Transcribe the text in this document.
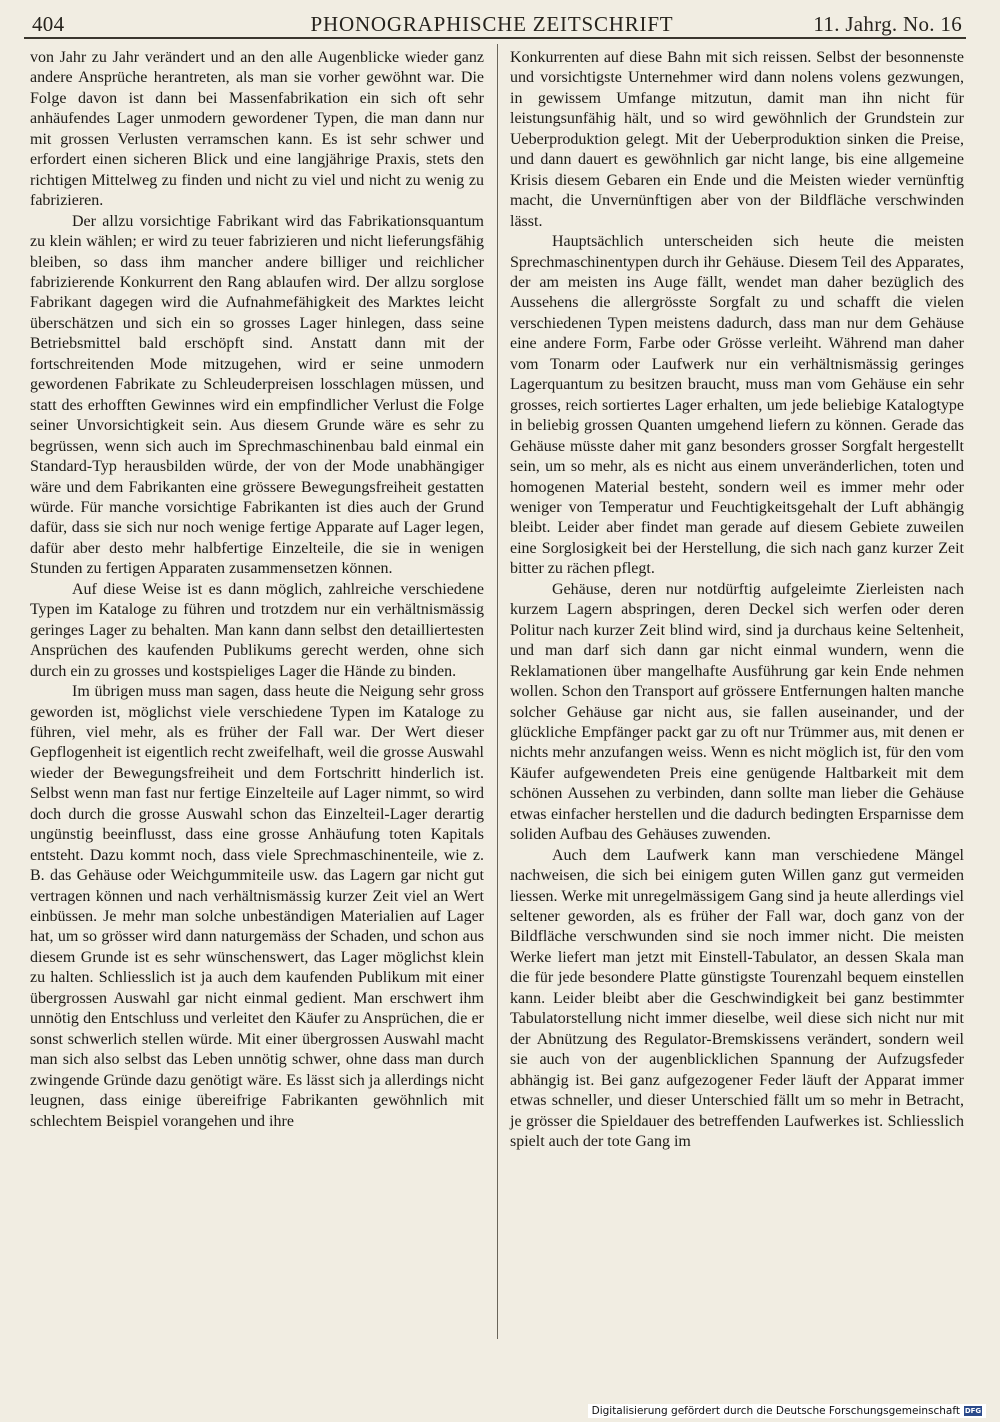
404	PHONOGRAPHISCHE ZEITSCHRIFT	11. Jahrg. No. 16

von Jahr zu Jahr verändert und an den alle Augenblicke wieder ganz andere Ansprüche herantreten, als man sie vorher gewöhnt war. Die Folge davon ist dann bei Massenfabrikation ein sich oft sehr anhäufendes Lager unmodern gewordener Typen, die man dann nur mit grossen Verlusten verramschen kann. Es ist sehr schwer und erfordert einen sicheren Blick und eine langjährige Praxis, stets den richtigen Mittelweg zu finden und nicht zu viel und nicht zu wenig zu fabrizieren.

Der allzu vorsichtige Fabrikant wird das Fabrikationsquantum zu klein wählen; er wird zu teuer fabrizieren und nicht lieferungsfähig bleiben, so dass ihm mancher andere billiger und reichlicher fabrizierende Konkurrent den Rang ablaufen wird. Der allzu sorglose Fabrikant dagegen wird die Aufnahmefähigkeit des Marktes leicht überschätzen und sich ein so grosses Lager hinlegen, dass seine Betriebsmittel bald erschöpft sind. Anstatt dann mit der fortschreitenden Mode mitzugehen, wird er seine unmodern gewordenen Fabrikate zu Schleuderpreisen losschlagen müssen, und statt des erhofften Gewinnes wird ein empfindlicher Verlust die Folge seiner Unvorsichtigkeit sein. Aus diesem Grunde wäre es sehr zu begrüssen, wenn sich auch im Sprechmaschinenbau bald einmal ein Standard-Typ herausbilden würde, der von der Mode unabhängiger wäre und dem Fabrikanten eine grössere Bewegungsfreiheit gestatten würde. Für manche vorsichtige Fabrikanten ist dies auch der Grund dafür, dass sie sich nur noch wenige fertige Apparate auf Lager legen, dafür aber desto mehr halbfertige Einzelteile, die sie in wenigen Stunden zu fertigen Apparaten zusammensetzen können.

Auf diese Weise ist es dann möglich, zahlreiche verschiedene Typen im Kataloge zu führen und trotzdem nur ein verhältnismässig geringes Lager zu behalten. Man kann dann selbst den detailliertesten Ansprüchen des kaufenden Publikums gerecht werden, ohne sich durch ein zu grosses und kostspieliges Lager die Hände zu binden.

Im übrigen muss man sagen, dass heute die Neigung sehr gross geworden ist, möglichst viele verschiedene Typen im Kataloge zu führen, viel mehr, als es früher der Fall war. Der Wert dieser Gepflogenheit ist eigentlich recht zweifelhaft, weil die grosse Auswahl wieder der Bewegungsfreiheit und dem Fortschritt hinderlich ist. Selbst wenn man fast nur fertige Einzelteile auf Lager nimmt, so wird doch durch die grosse Auswahl schon das Einzelteil-Lager derartig ungünstig beeinflusst, dass eine grosse Anhäufung toten Kapitals entsteht. Dazu kommt noch, dass viele Sprechmaschinenteile, wie z. B. das Gehäuse oder Weichgummiteile usw. das Lagern gar nicht gut vertragen können und nach verhältnismässig kurzer Zeit viel an Wert einbüssen. Je mehr man solche unbeständigen Materialien auf Lager hat, um so grösser wird dann naturgemäss der Schaden, und schon aus diesem Grunde ist es sehr wünschenswert, das Lager möglichst klein zu halten. Schliesslich ist ja auch dem kaufenden Publikum mit einer übergrossen Auswahl gar nicht einmal gedient. Man erschwert ihm unnötig den Entschluss und verleitet den Käufer zu Ansprüchen, die er sonst schwerlich stellen würde. Mit einer übergrossen Auswahl macht man sich also selbst das Leben unnötig schwer, ohne dass man durch zwingende Gründe dazu genötigt wäre. Es lässt sich ja allerdings nicht leugnen, dass einige übereifrige Fabrikanten gewöhnlich mit schlechtem Beispiel vorangehen und ihre

Konkurrenten auf diese Bahn mit sich reissen. Selbst der besonnenste und vorsichtigste Unternehmer wird dann nolens volens gezwungen, in gewissem Umfange mitzutun, damit man ihn nicht für leistungsunfähig hält, und so wird gewöhnlich der Grundstein zur Ueberproduktion gelegt. Mit der Ueberproduktion sinken die Preise, und dann dauert es gewöhnlich gar nicht lange, bis eine allgemeine Krisis diesem Gebaren ein Ende und die Meisten wieder vernünftig macht, die Unvernünftigen aber von der Bildfläche verschwinden lässt.

Hauptsächlich unterscheiden sich heute die meisten Sprechmaschinentypen durch ihr Gehäuse. Diesem Teil des Apparates, der am meisten ins Auge fällt, wendet man daher bezüglich des Aussehens die allergrösste Sorgfalt zu und schafft die vielen verschiedenen Typen meistens dadurch, dass man nur dem Gehäuse eine andere Form, Farbe oder Grösse verleiht. Während man daher vom Tonarm oder Laufwerk nur ein verhältnismässig geringes Lagerquantum zu besitzen braucht, muss man vom Gehäuse ein sehr grosses, reich sortiertes Lager erhalten, um jede beliebige Katalogtype in beliebig grossen Quanten umgehend liefern zu können. Gerade das Gehäuse müsste daher mit ganz besonders grosser Sorgfalt hergestellt sein, um so mehr, als es nicht aus einem unveränderlichen, toten und homogenen Material besteht, sondern weil es immer mehr oder weniger von Temperatur und Feuchtigkeitsgehalt der Luft abhängig bleibt. Leider aber findet man gerade auf diesem Gebiete zuweilen eine Sorglosigkeit bei der Herstellung, die sich nach ganz kurzer Zeit bitter zu rächen pflegt.

Gehäuse, deren nur notdürftig aufgeleimte Zierleisten nach kurzem Lagern abspringen, deren Deckel sich werfen oder deren Politur nach kurzer Zeit blind wird, sind ja durchaus keine Seltenheit, und man darf sich dann gar nicht einmal wundern, wenn die Reklamationen über mangelhafte Ausführung gar kein Ende nehmen wollen. Schon den Transport auf grössere Entfernungen halten manche solcher Gehäuse gar nicht aus, sie fallen auseinander, und der glückliche Empfänger packt gar zu oft nur Trümmer aus, mit denen er nichts mehr anzufangen weiss. Wenn es nicht möglich ist, für den vom Käufer aufgewendeten Preis eine genügende Haltbarkeit mit dem schönen Aussehen zu verbinden, dann sollte man lieber die Gehäuse etwas einfacher herstellen und die dadurch bedingten Ersparnisse dem soliden Aufbau des Gehäuses zuwenden.

Auch dem Laufwerk kann man verschiedene Mängel nachweisen, die sich bei einigem guten Willen ganz gut vermeiden liessen. Werke mit unregelmässigem Gang sind ja heute allerdings viel seltener geworden, als es früher der Fall war, doch ganz von der Bildfläche verschwunden sind sie noch immer nicht. Die meisten Werke liefert man jetzt mit Einstell-Tabulator, an dessen Skala man die für jede besondere Platte günstigste Tourenzahl bequem einstellen kann. Leider bleibt aber die Geschwindigkeit bei ganz bestimmter Tabulatorstellung nicht immer dieselbe, weil diese sich nicht nur mit der Abnützung des Regulator-Bremskissens verändert, sondern weil sie auch von der augenblicklichen Spannung der Aufzugsfeder abhängig ist. Bei ganz aufgezogener Feder läuft der Apparat immer etwas schneller, und dieser Unterschied fällt um so mehr in Betracht, je grösser die Spieldauer des betreffenden Laufwerkes ist. Schliesslich spielt auch der tote Gang im

Digitalisierung gefördert durch die Deutsche Forschungsgemeinschaft DFG
